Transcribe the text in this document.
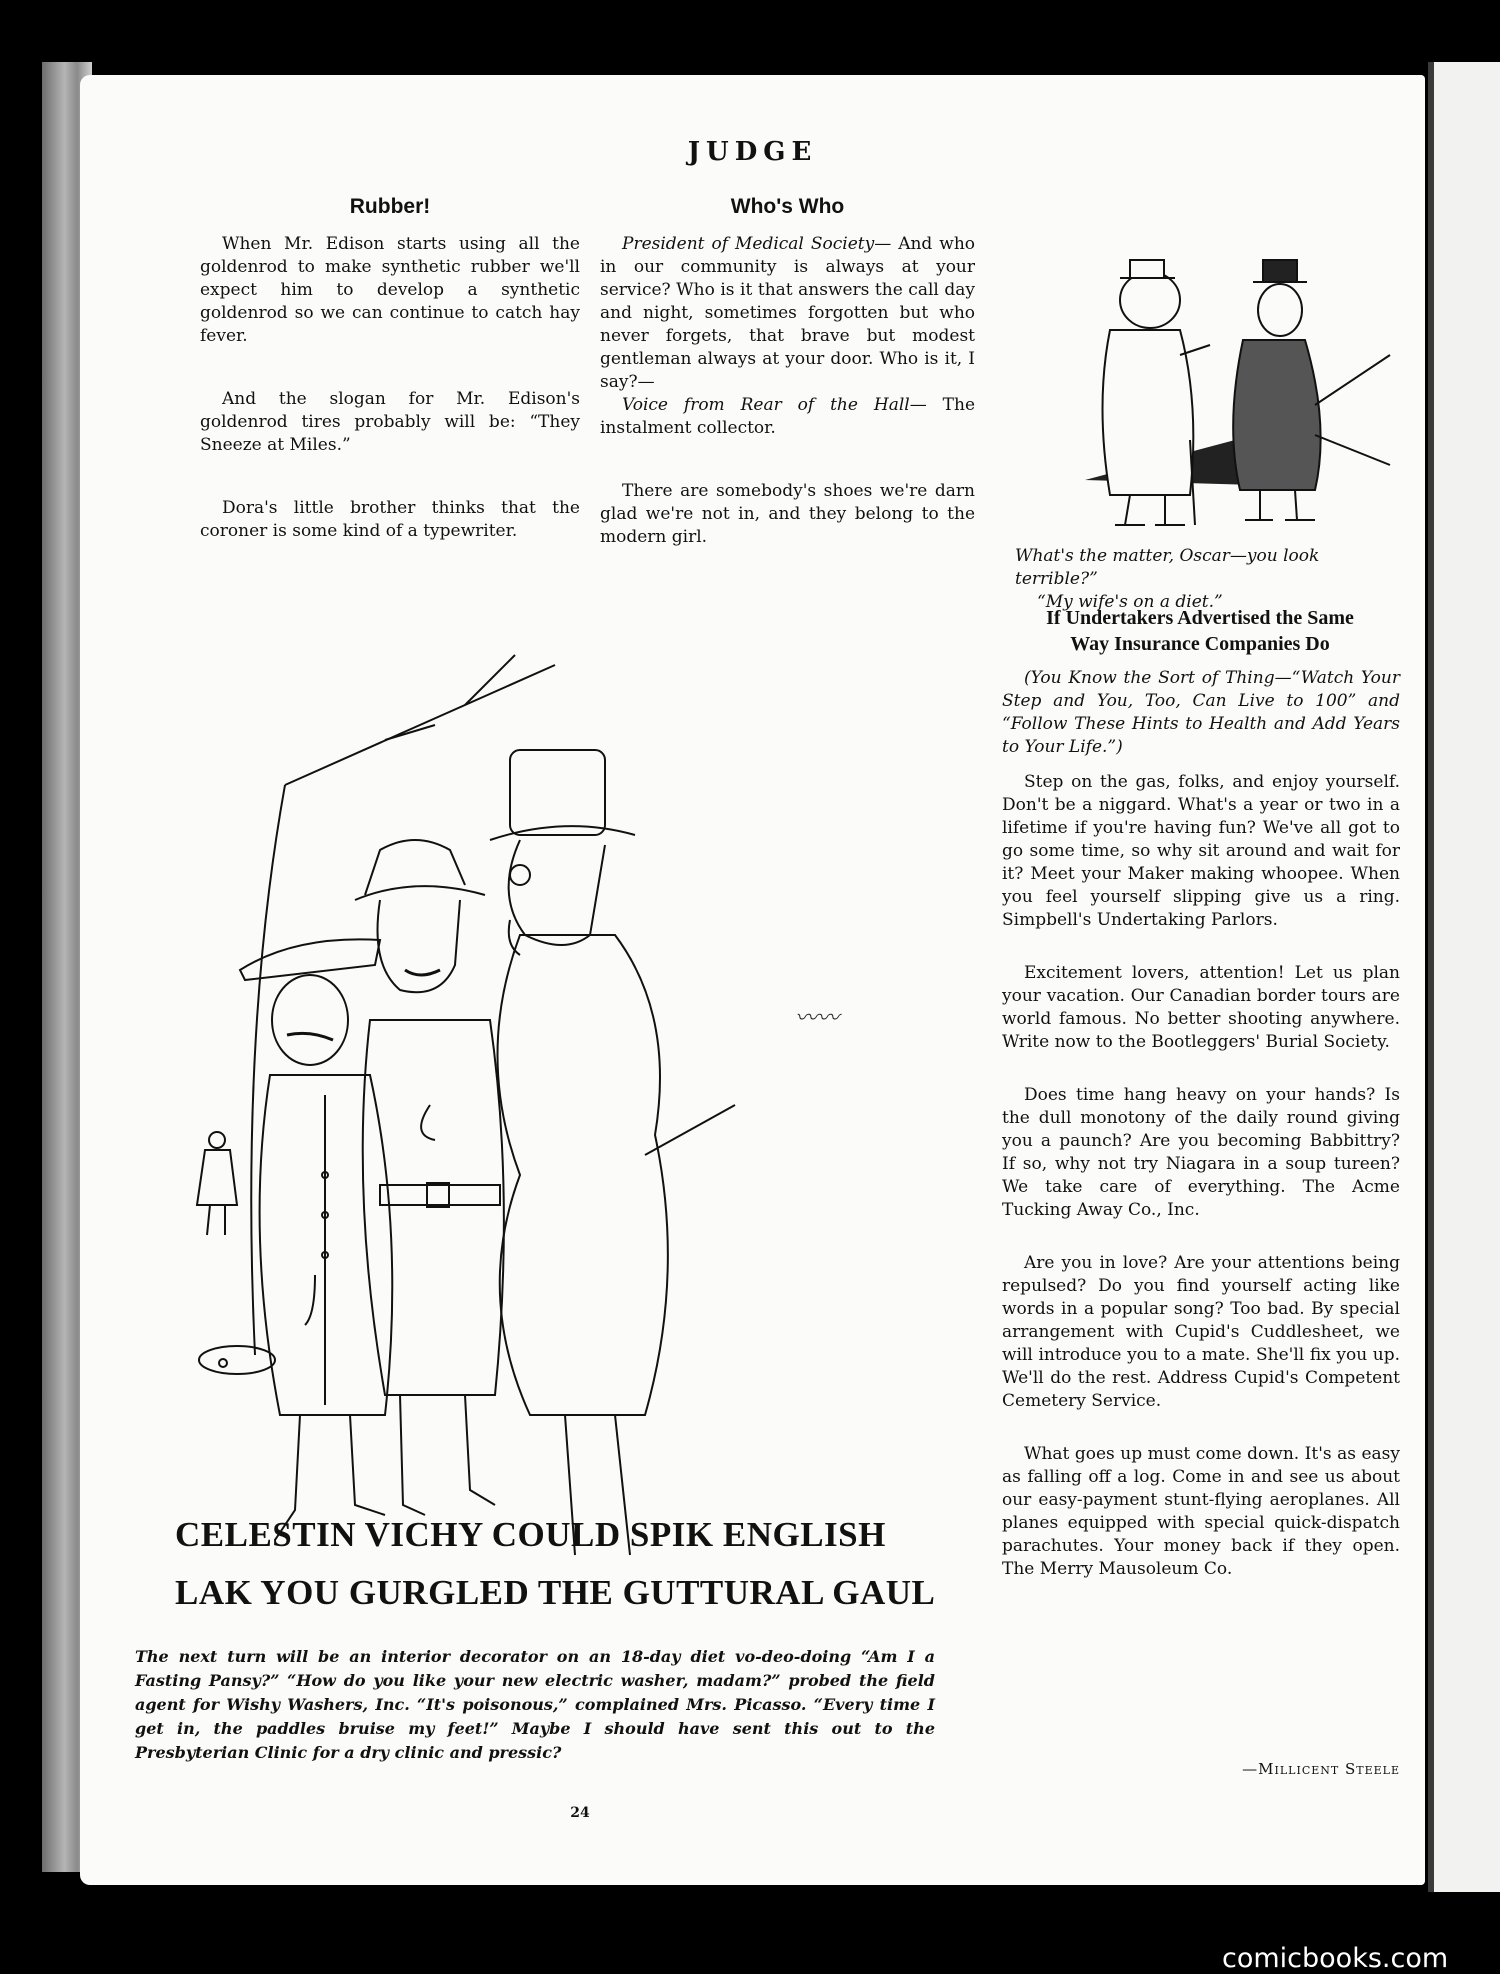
JUDGE
Rubber!

When Mr. Edison starts using all the goldenrod to make synthetic rubber we'll expect him to develop a synthetic goldenrod so we can continue to catch hay fever.

And the slogan for Mr. Edison's goldenrod tires probably will be: “They Sneeze at Miles.”

Dora's little brother thinks that the coroner is some kind of a typewriter.

Who's Who

President of Medical Society— And who in our community is always at your service? Who is it that answers the call day and night, sometimes forgotten but who never forgets, that brave but modest gentleman always at your door. Who is it, I say?—

Voice from Rear of the Hall— The instalment collector.

There are somebody's shoes we're darn glad we're not in, and they belong to the modern girl.

What's the matter, Oscar—you look terrible?”
“My wife's on a diet.”
If Undertakers Advertised the Same
Way Insurance Companies Do

(You Know the Sort of Thing—“Watch Your Step and You, Too, Can Live to 100” and “Follow These Hints to Health and Add Years to Your Life.”)

Step on the gas, folks, and enjoy yourself. Don't be a niggard. What's a year or two in a lifetime if you're having fun? We've all got to go some time, so why sit around and wait for it? Meet your Maker making whoopee. When you feel yourself slipping give us a ring. Simpbell's Undertaking Parlors.

Excitement lovers, attention! Let us plan your vacation. Our Canadian border tours are world famous. No better shooting anywhere. Write now to the Bootleggers' Burial Society.

Does time hang heavy on your hands? Is the dull monotony of the daily round giving you a paunch? Are you becoming Babbittry? If so, why not try Niagara in a soup tureen? We take care of everything. The Acme Tucking Away Co., Inc.

Are you in love? Are your attentions being repulsed? Do you find yourself acting like words in a popular song? Too bad. By special arrangement with Cupid's Cuddlesheet, we will introduce you to a mate. She'll fix you up. We'll do the rest. Address Cupid's Competent Cemetery Service.

What goes up must come down. It's as easy as falling off a log. Come in and see us about our easy-payment stunt-flying aeroplanes. All planes equipped with special quick-dispatch parachutes. Your money back if they open. The Merry Mausoleum Co.

—Millicent Steele
〰〰
CELESTIN VICHY COULD SPIK ENGLISH
LAK YOU GURGLED THE GUTTURAL GAUL
The next turn will be an interior decorator on an 18-day diet vo-deo-doing “Am I a Fasting Pansy?” “How do you like your new electric washer, madam?” probed the field agent for Wishy Washers, Inc. “It's poisonous,” complained Mrs. Picasso. “Every time I get in, the paddles bruise my feet!” Maybe I should have sent this out to the Presbyterian Clinic for a dry clinic and pressic?
24
comicbooks.com
